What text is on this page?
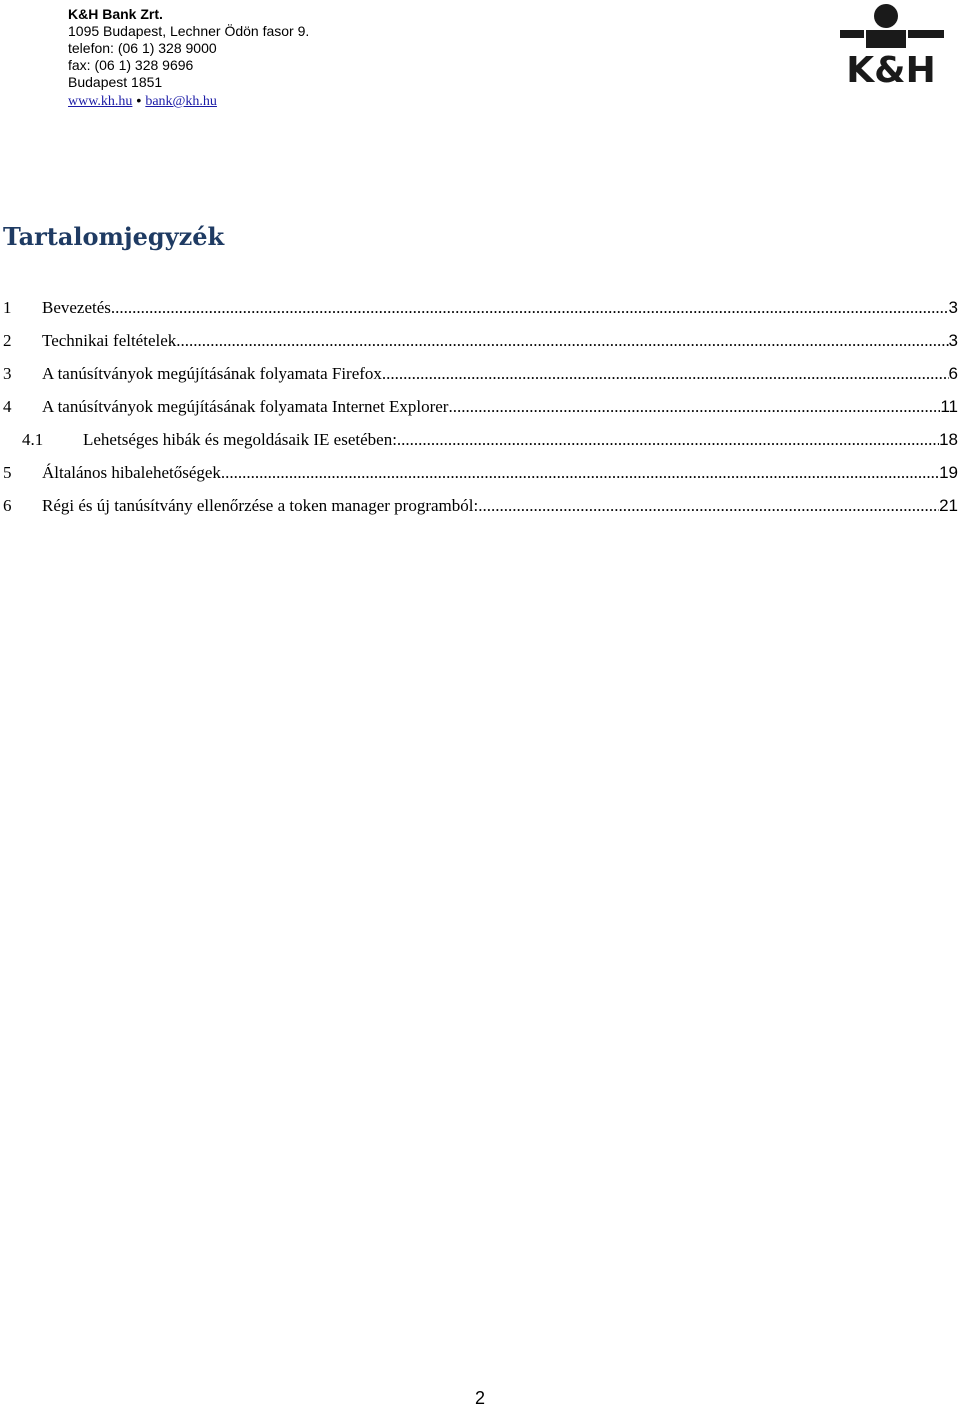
K&H Bank Zrt.
1095 Budapest, Lechner Ödön fasor 9.
telefon: (06 1) 328 9000
fax: (06 1) 328 9696
Budapest 1851
www.kh.hu • bank@kh.hu
K&H
Tartalomjegyzék
1	Bevezetés .....	3
2	Technikai feltételek .....	3
3	A tanúsítványok megújításának folyamata Firefox .....	6
4	A tanúsítványok megújításának folyamata Internet Explorer .....	11
4.1	Lehetséges hibák és megoldásaik IE esetében: .....	18
5	Általános hibalehetőségek .....	19
6	Régi és új tanúsítvány ellenőrzése a token manager programból: .....	21
2
